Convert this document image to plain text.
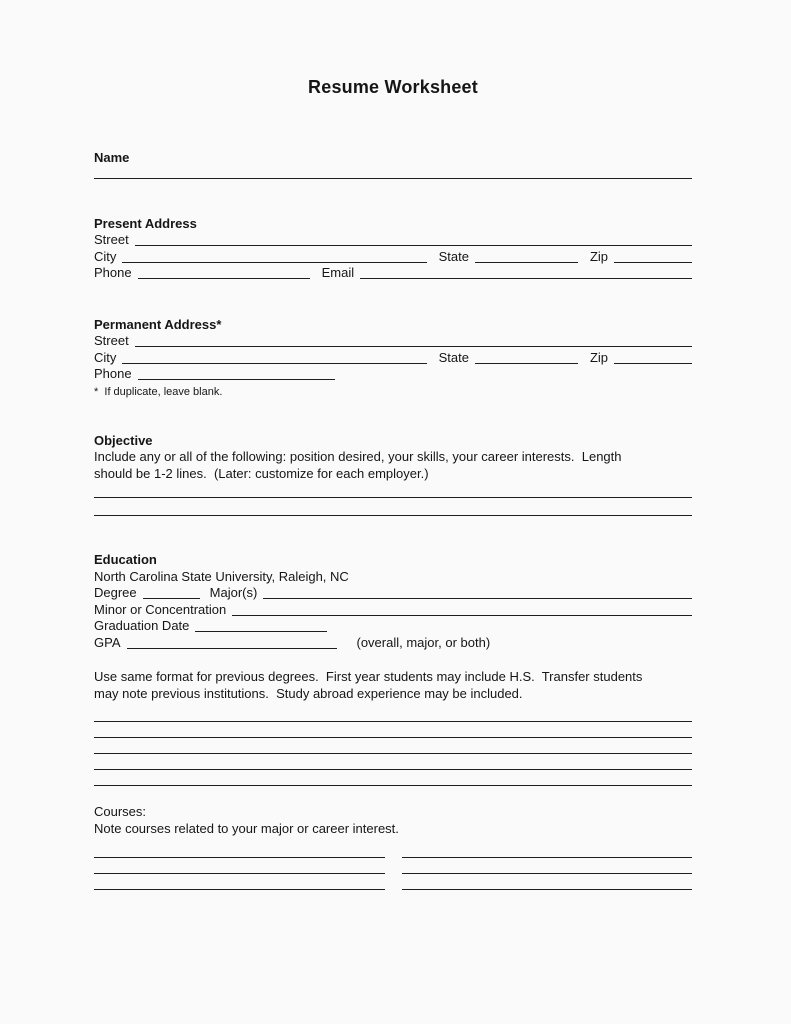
Resume Worksheet
Name
Present Address
Street
City	State	Zip
Phone	Email
Permanent Address*
Street
City	State	Zip
Phone
*  If duplicate, leave blank.
Objective
Include any or all of the following: position desired, your skills, your career interests.  Length
should be 1-2 lines.  (Later: customize for each employer.)
Education
North Carolina State University, Raleigh, NC
Degree	Major(s)
Minor or Concentration
Graduation Date
GPA	(overall, major, or both)
Use same format for previous degrees.  First year students may include H.S.  Transfer students
may note previous institutions.  Study abroad experience may be included.
Courses:
Note courses related to your major or career interest.
